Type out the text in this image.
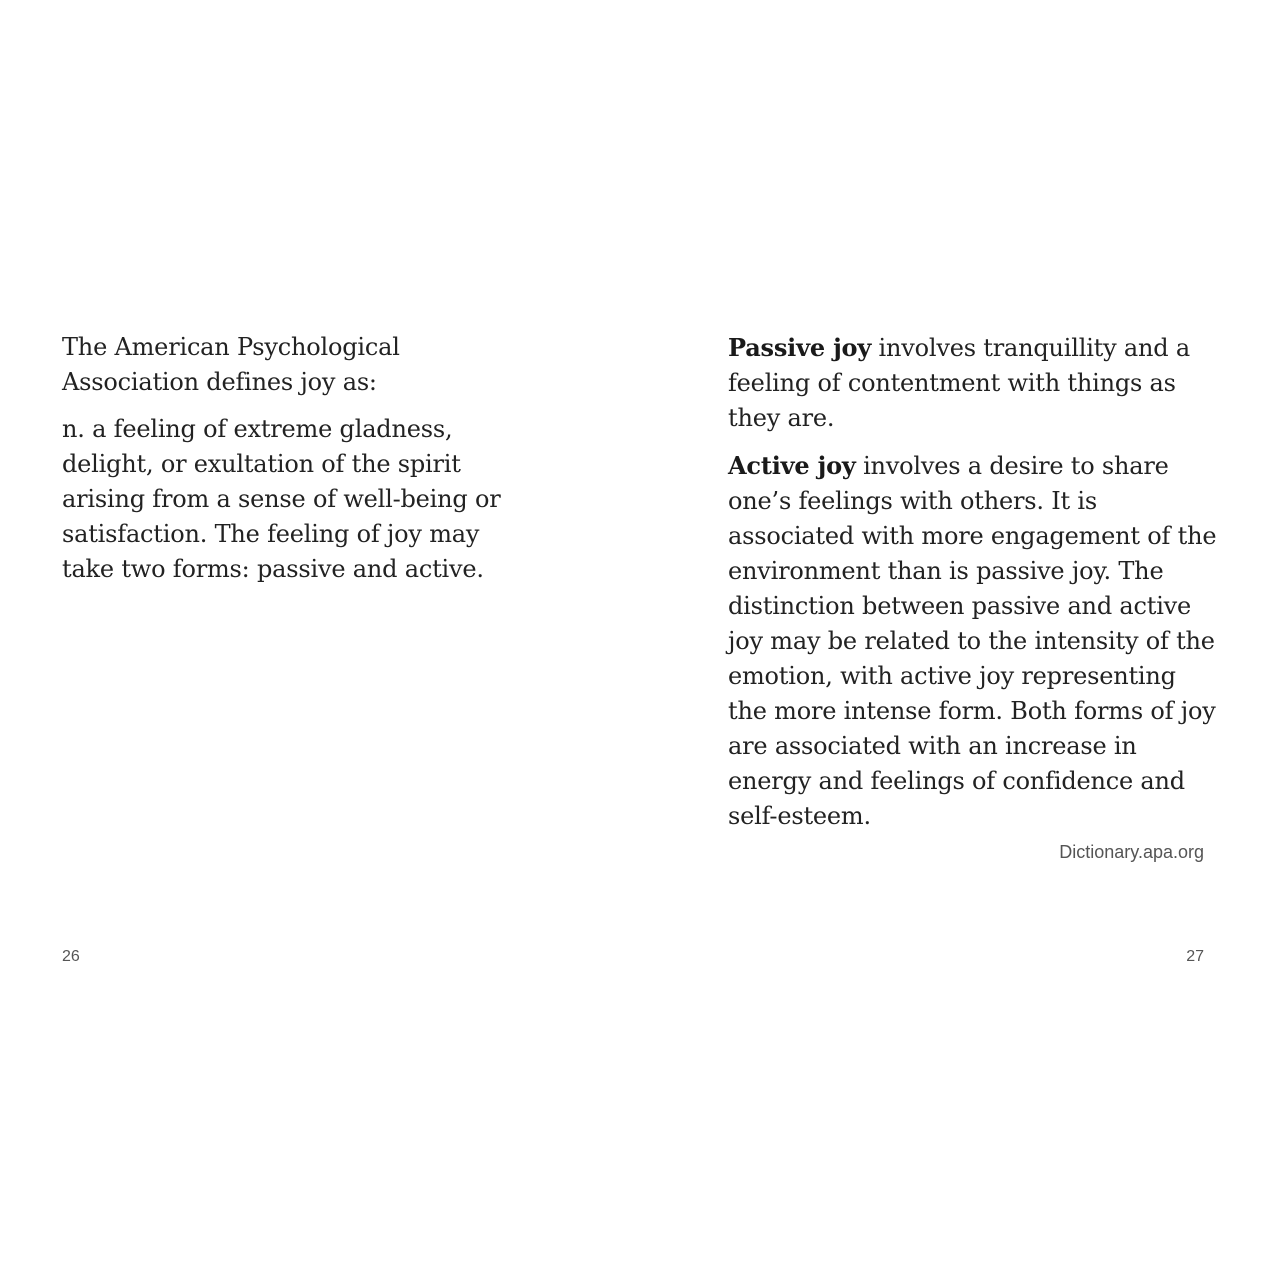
The American Psychological Association defines joy as:

n. a feeling of extreme gladness, delight, or exultation of the spirit arising from a sense of well-being or satisfaction. The feeling of joy may take two forms: passive and active.

26

Passive joy involves tranquillity and a feeling of contentment with things as they are.

Active joy involves a desire to share one’s feelings with others. It is associated with more engagement of the environment than is passive joy. The distinction between passive and active joy may be related to the intensity of the emotion, with active joy representing the more intense form. Both forms of joy are associated with an increase in energy and feelings of confidence and self-esteem.

Dictionary.apa.org
27
